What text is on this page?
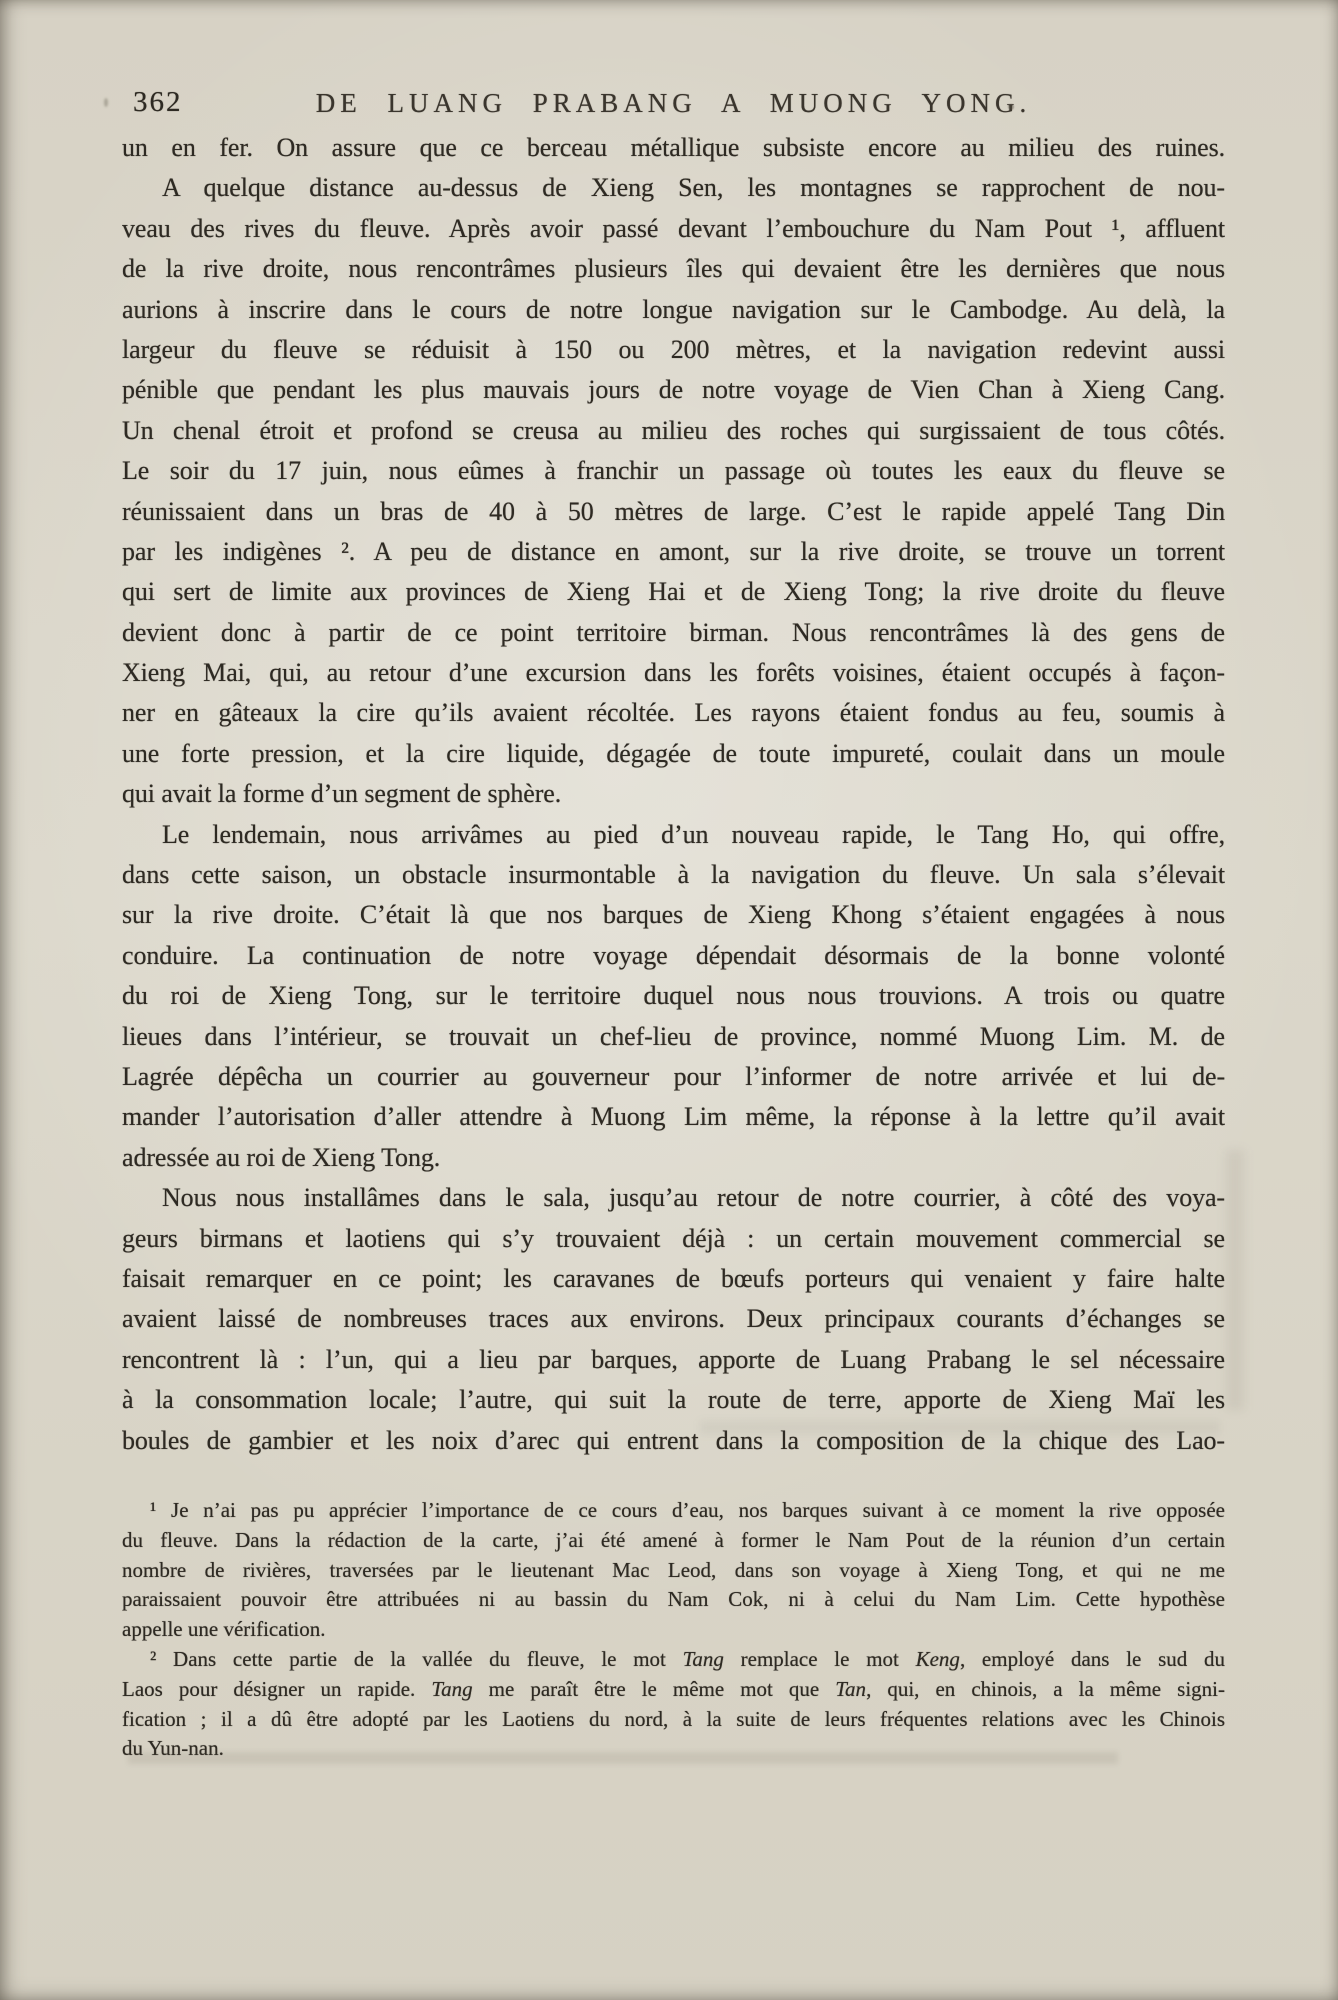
362	DE LUANG PRABANG A MUONG YONG.
un en fer. On assure que ce berceau métallique subsiste encore au milieu des ruines.
A quelque distance au-dessus de Xieng Sen, les montagnes se rapprochent de nou-
veau des rives du fleuve. Après avoir passé devant l’embouchure du Nam Pout ¹, affluent
de la rive droite, nous rencontrâmes plusieurs îles qui devaient être les dernières que nous
aurions à inscrire dans le cours de notre longue navigation sur le Cambodge. Au delà, la
largeur du fleuve se réduisit à 150 ou 200 mètres, et la navigation redevint aussi
pénible que pendant les plus mauvais jours de notre voyage de Vien Chan à Xieng Cang.
Un chenal étroit et profond se creusa au milieu des roches qui surgissaient de tous côtés.
Le soir du 17 juin, nous eûmes à franchir un passage où toutes les eaux du fleuve se
réunissaient dans un bras de 40 à 50 mètres de large. C’est le rapide appelé Tang Din
par les indigènes ². A peu de distance en amont, sur la rive droite, se trouve un torrent
qui sert de limite aux provinces de Xieng Hai et de Xieng Tong; la rive droite du fleuve
devient donc à partir de ce point territoire birman. Nous rencontrâmes là des gens de
Xieng Mai, qui, au retour d’une excursion dans les forêts voisines, étaient occupés à façon-
ner en gâteaux la cire qu’ils avaient récoltée. Les rayons étaient fondus au feu, soumis à
une forte pression, et la cire liquide, dégagée de toute impureté, coulait dans un moule
qui avait la forme d’un segment de sphère.
Le lendemain, nous arrivâmes au pied d’un nouveau rapide, le Tang Ho, qui offre,
dans cette saison, un obstacle insurmontable à la navigation du fleuve. Un sala s’élevait
sur la rive droite. C’était là que nos barques de Xieng Khong s’étaient engagées à nous
conduire. La continuation de notre voyage dépendait désormais de la bonne volonté
du roi de Xieng Tong, sur le territoire duquel nous nous trouvions. A trois ou quatre
lieues dans l’intérieur, se trouvait un chef-lieu de province, nommé Muong Lim. M. de
Lagrée dépêcha un courrier au gouverneur pour l’informer de notre arrivée et lui de-
mander l’autorisation d’aller attendre à Muong Lim même, la réponse à la lettre qu’il avait
adressée au roi de Xieng Tong.
Nous nous installâmes dans le sala, jusqu’au retour de notre courrier, à côté des voya-
geurs birmans et laotiens qui s’y trouvaient déjà : un certain mouvement commercial se
faisait remarquer en ce point; les caravanes de bœufs porteurs qui venaient y faire halte
avaient laissé de nombreuses traces aux environs. Deux principaux courants d’échanges se
rencontrent là : l’un, qui a lieu par barques, apporte de Luang Prabang le sel nécessaire
à la consommation locale; l’autre, qui suit la route de terre, apporte de Xieng Maï les
boules de gambier et les noix d’arec qui entrent dans la composition de la chique des Lao-
¹ Je n’ai pas pu apprécier l’importance de ce cours d’eau, nos barques suivant à ce moment la rive opposée
du fleuve. Dans la rédaction de la carte, j’ai été amené à former le Nam Pout de la réunion d’un certain
nombre de rivières, traversées par le lieutenant Mac Leod, dans son voyage à Xieng Tong, et qui ne me
paraissaient pouvoir être attribuées ni au bassin du Nam Cok, ni à celui du Nam Lim. Cette hypothèse
appelle une vérification.
² Dans cette partie de la vallée du fleuve, le mot Tang remplace le mot Keng, employé dans le sud du
Laos pour désigner un rapide. Tang me paraît être le même mot que Tan, qui, en chinois, a la même signi-
fication ; il a dû être adopté par les Laotiens du nord, à la suite de leurs fréquentes relations avec les Chinois
du Yun-nan.
